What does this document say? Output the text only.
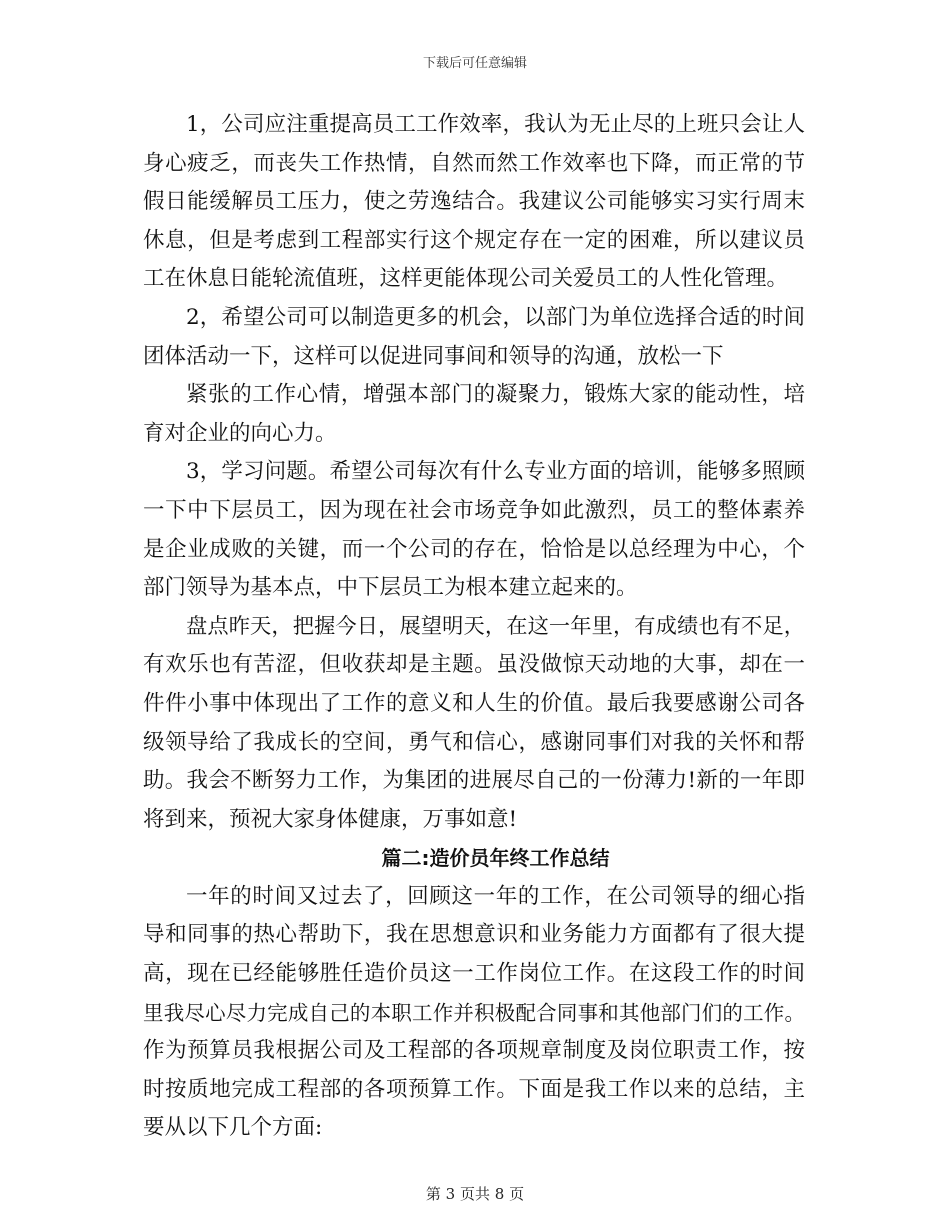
下载后可任意编辑
1，公司应注重提高员工工作效率，我认为无止尽的上班只会让人
身心疲乏，而丧失工作热情，自然而然工作效率也下降，而正常的节
假日能缓解员工压力，使之劳逸结合。我建议公司能够实习实行周末
休息，但是考虑到工程部实行这个规定存在一定的困难，所以建议员
工在休息日能轮流值班，这样更能体现公司关爱员工的人性化管理。
2，希望公司可以制造更多的机会，以部门为单位选择合适的时间
团体活动一下，这样可以促进同事间和领导的沟通，放松一下
紧张的工作心情，增强本部门的凝聚力，锻炼大家的能动性，培
育对企业的向心力。
3，学习问题。希望公司每次有什么专业方面的培训，能够多照顾
一下中下层员工，因为现在社会市场竞争如此激烈，员工的整体素养
是企业成败的关键，而一个公司的存在，恰恰是以总经理为中心，个
部门领导为基本点，中下层员工为根本建立起来的。
盘点昨天，把握今日，展望明天，在这一年里，有成绩也有不足，
有欢乐也有苦涩，但收获却是主题。虽没做惊天动地的大事，却在一
件件小事中体现出了工作的意义和人生的价值。最后我要感谢公司各
级领导给了我成长的空间，勇气和信心，感谢同事们对我的关怀和帮
助。我会不断努力工作，为集团的进展尽自己的一份薄力!新的一年即
将到来，预祝大家身体健康，万事如意!
篇二:造价员年终工作总结
一年的时间又过去了，回顾这一年的工作，在公司领导的细心指
导和同事的热心帮助下，我在思想意识和业务能力方面都有了很大提
高，现在已经能够胜任造价员这一工作岗位工作。在这段工作的时间
里我尽心尽力完成自己的本职工作并积极配合同事和其他部门们的工作。
作为预算员我根据公司及工程部的各项规章制度及岗位职责工作，按
时按质地完成工程部的各项预算工作。下面是我工作以来的总结，主
要从以下几个方面:
第 3 页共 8 页
